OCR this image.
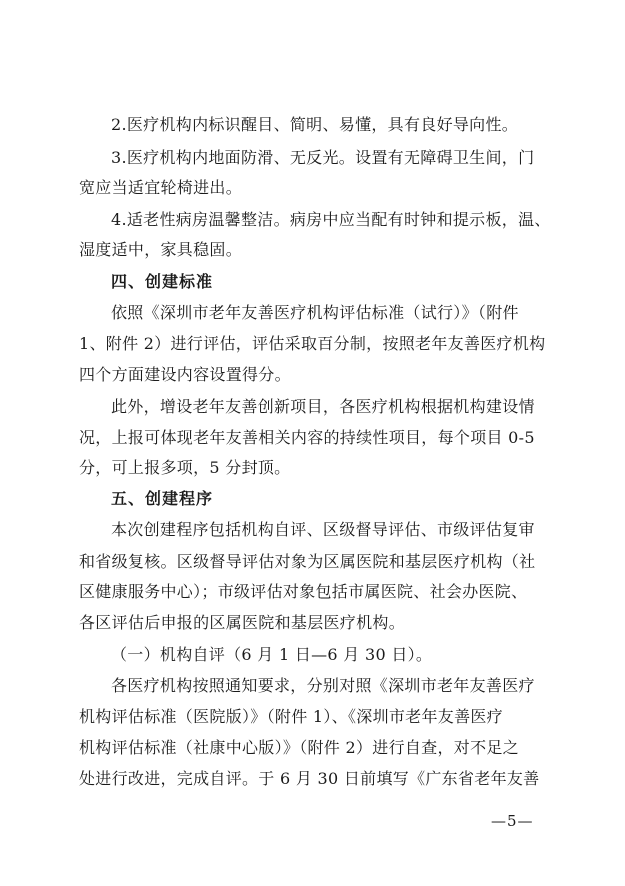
2.医疗机构内标识醒目、简明、易懂，具有良好导向性。
3.医疗机构内地面防滑、无反光。设置有无障碍卫生间，门
宽应当适宜轮椅进出。
4.适老性病房温馨整洁。病房中应当配有时钟和提示板，温、
湿度适中，家具稳固。
四、创建标准
依照《深圳市老年友善医疗机构评估标准（试行）》（附件
1、附件 2）进行评估，评估采取百分制，按照老年友善医疗机构
四个方面建设内容设置得分。
此外，增设老年友善创新项目，各医疗机构根据机构建设情
况，上报可体现老年友善相关内容的持续性项目，每个项目 0-5
分，可上报多项，5 分封顶。
五、创建程序
本次创建程序包括机构自评、区级督导评估、市级评估复审
和省级复核。区级督导评估对象为区属医院和基层医疗机构（社
区健康服务中心）；市级评估对象包括市属医院、社会办医院、
各区评估后申报的区属医院和基层医疗机构。
（一）机构自评（6 月 1 日—6 月 30 日）。
各医疗机构按照通知要求，分别对照《深圳市老年友善医疗
机构评估标准（医院版）》（附件 1）、《深圳市老年友善医疗
机构评估标准（社康中心版）》（附件 2）进行自查，对不足之
处进行改进，完成自评。于 6 月 30 日前填写《广东省老年友善
—5—
